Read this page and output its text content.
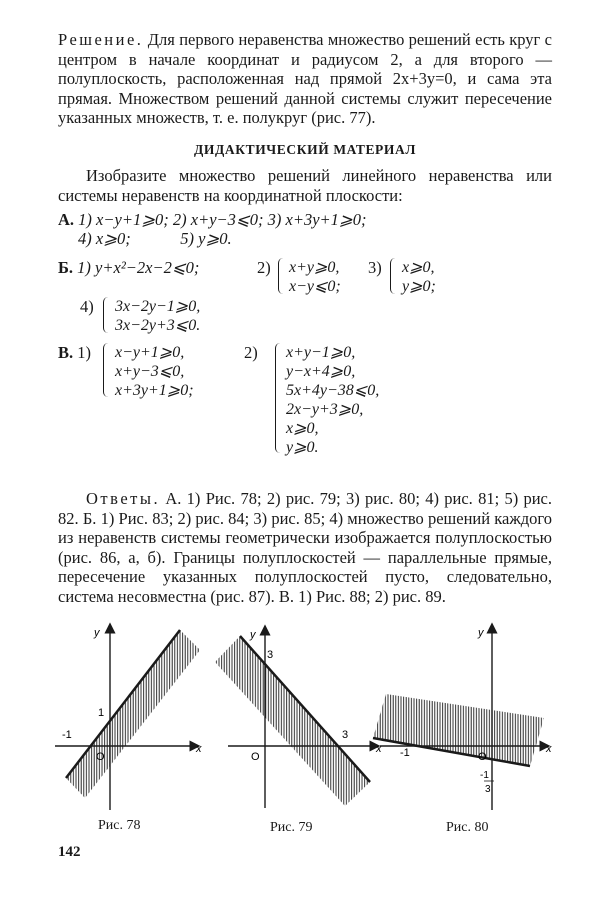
Решение. Для первого неравенства множество решений есть круг с центром в начале координат и радиусом 2, а для второго — полуплоскость, расположенная над прямой 2x+3y=0, и сама эта прямая. Множеством решений данной системы служит пересечение указанных множеств, т. е. полукруг (рис. 77).

ДИДАКТИЧЕСКИЙ МАТЕРИАЛ

Изобразите множество решений линейного неравенства или системы неравенств на координатной плоскости:

А. 1) x−y+1⩾0; 2) x+y−3⩽0; 3) x+3y+1⩾0;
4) x⩾0;            5) y⩾0.
Б. 1) y+x²−2x−2⩽0;	2) x+y⩾0,
x−y⩽0;
3) x⩾0,
y⩾0;
4) 3x−2y−1⩾0,
3x−2y+3⩽0.
В. 1) x−y+1⩾0,
x+y−3⩽0,
x+3y+1⩾0;
2) x+y−1⩾0,
y−x+4⩾0,
5x+4y−38⩽0,
2x−y+3⩾0,
x⩾0,
y⩾0.

Ответы. А. 1) Рис. 78; 2) рис. 79; 3) рис. 80; 4) рис. 81; 5) рис. 82. Б. 1) Рис. 83; 2) рис. 84; 3) рис. 85; 4) множество решений каждого из неравенств системы геометрически изображается полуплоскостью (рис. 86, а, б). Границы полуплоскостей — параллельные прямые, пересечение указанных полуплоскостей пусто, следовательно, система несовместна (рис. 87). В. 1) Рис. 88; 2) рис. 89.

y
x
O
-1
1
y
x
O
3
3
y
x
O
-1
-1
3
Рис. 78	Рис. 79	Рис. 80
142
